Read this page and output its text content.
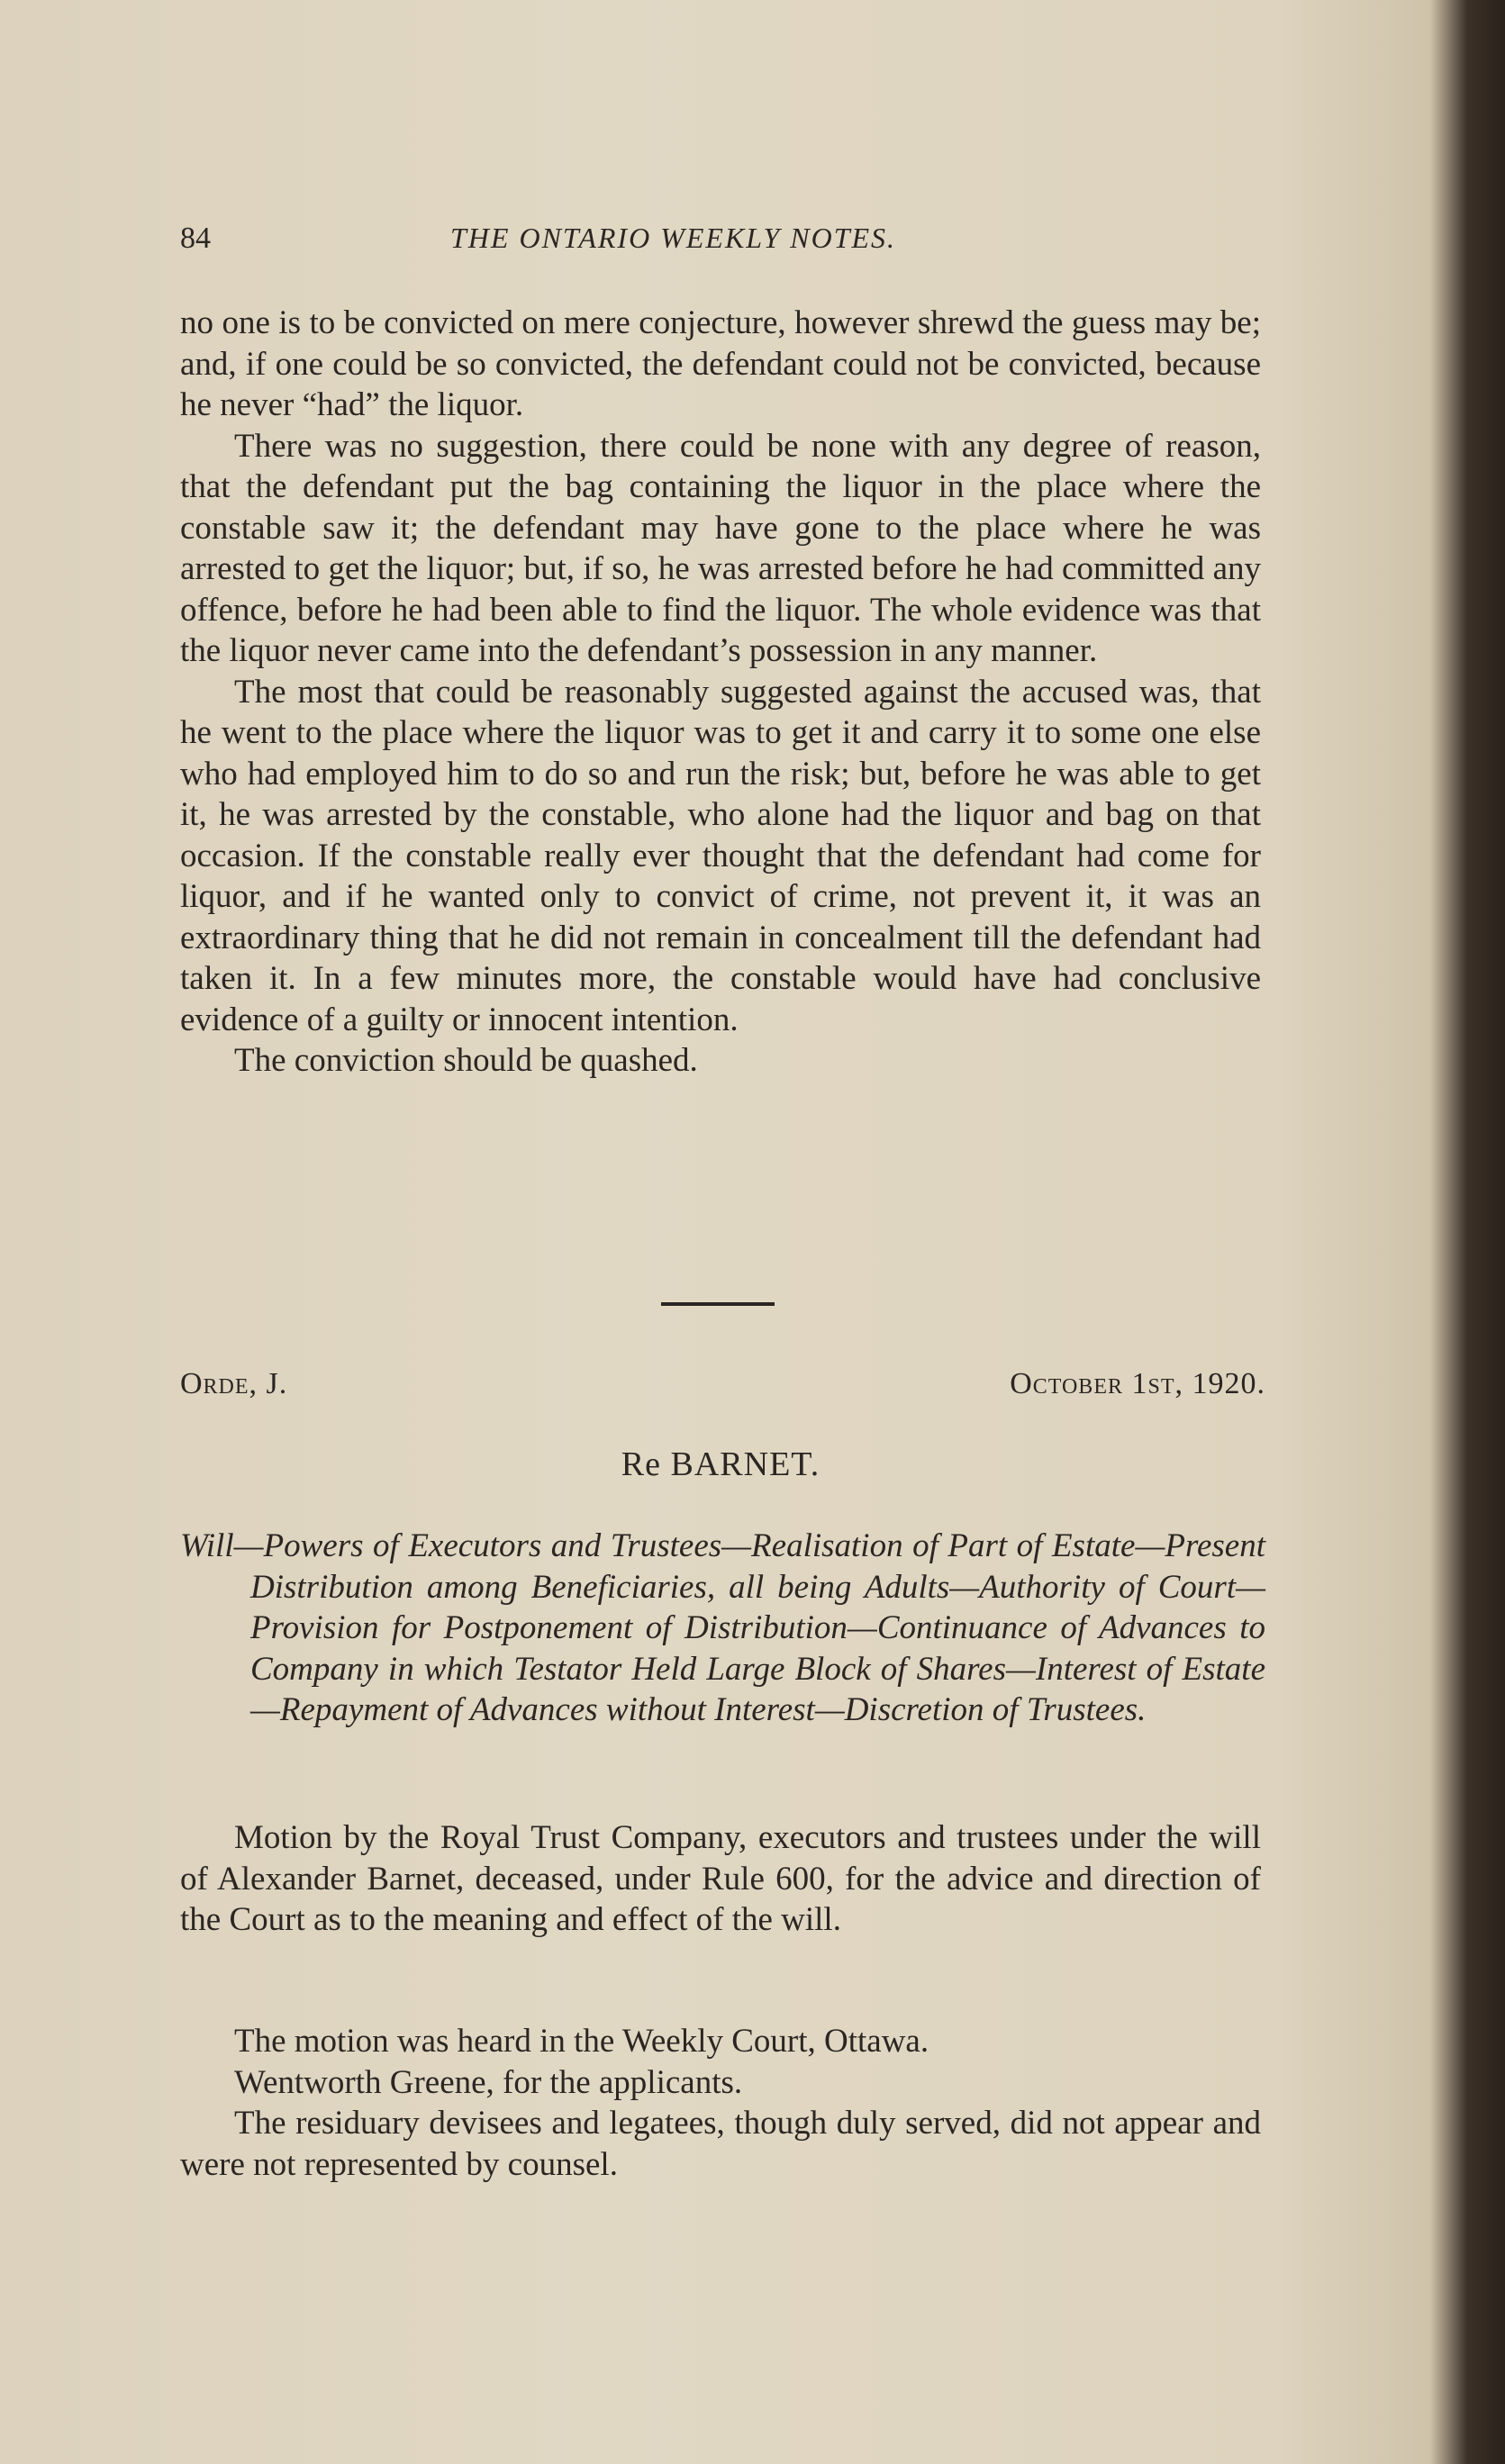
84	THE ONTARIO WEEKLY NOTES.

no one is to be convicted on mere conjecture, however shrewd the guess may be; and, if one could be so convicted, the defendant could not be convicted, because he never “had” the liquor.

There was no suggestion, there could be none with any degree of reason, that the defendant put the bag containing the liquor in the place where the constable saw it; the defendant may have gone to the place where he was arrested to get the liquor; but, if so, he was arrested before he had committed any offence, before he had been able to find the liquor. The whole evidence was that the liquor never came into the defendant’s possession in any manner.

The most that could be reasonably suggested against the accused was, that he went to the place where the liquor was to get it and carry it to some one else who had employed him to do so and run the risk; but, before he was able to get it, he was arrested by the constable, who alone had the liquor and bag on that occasion. If the constable really ever thought that the defendant had come for liquor, and if he wanted only to convict of crime, not prevent it, it was an extraordinary thing that he did not remain in concealment till the defendant had taken it. In a few minutes more, the constable would have had conclusive evidence of a guilty or innocent intention.

The conviction should be quashed.

Orde, J.	October 1st, 1920.
Re BARNET.
Will—Powers of Executors and Trustees—Realisation of Part of Estate—Present Distribution among Beneficiaries, all being Adults—Authority of Court—Provision for Postponement of Distribution—Continuance of Advances to Company in which Testator Held Large Block of Shares—Interest of Estate—Repayment of Advances without Interest—Discretion of Trustees.

Motion by the Royal Trust Company, executors and trustees under the will of Alexander Barnet, deceased, under Rule 600, for the advice and direction of the Court as to the meaning and effect of the will.

The motion was heard in the Weekly Court, Ottawa.

Wentworth Greene, for the applicants.

The residuary devisees and legatees, though duly served, did not appear and were not represented by counsel.
